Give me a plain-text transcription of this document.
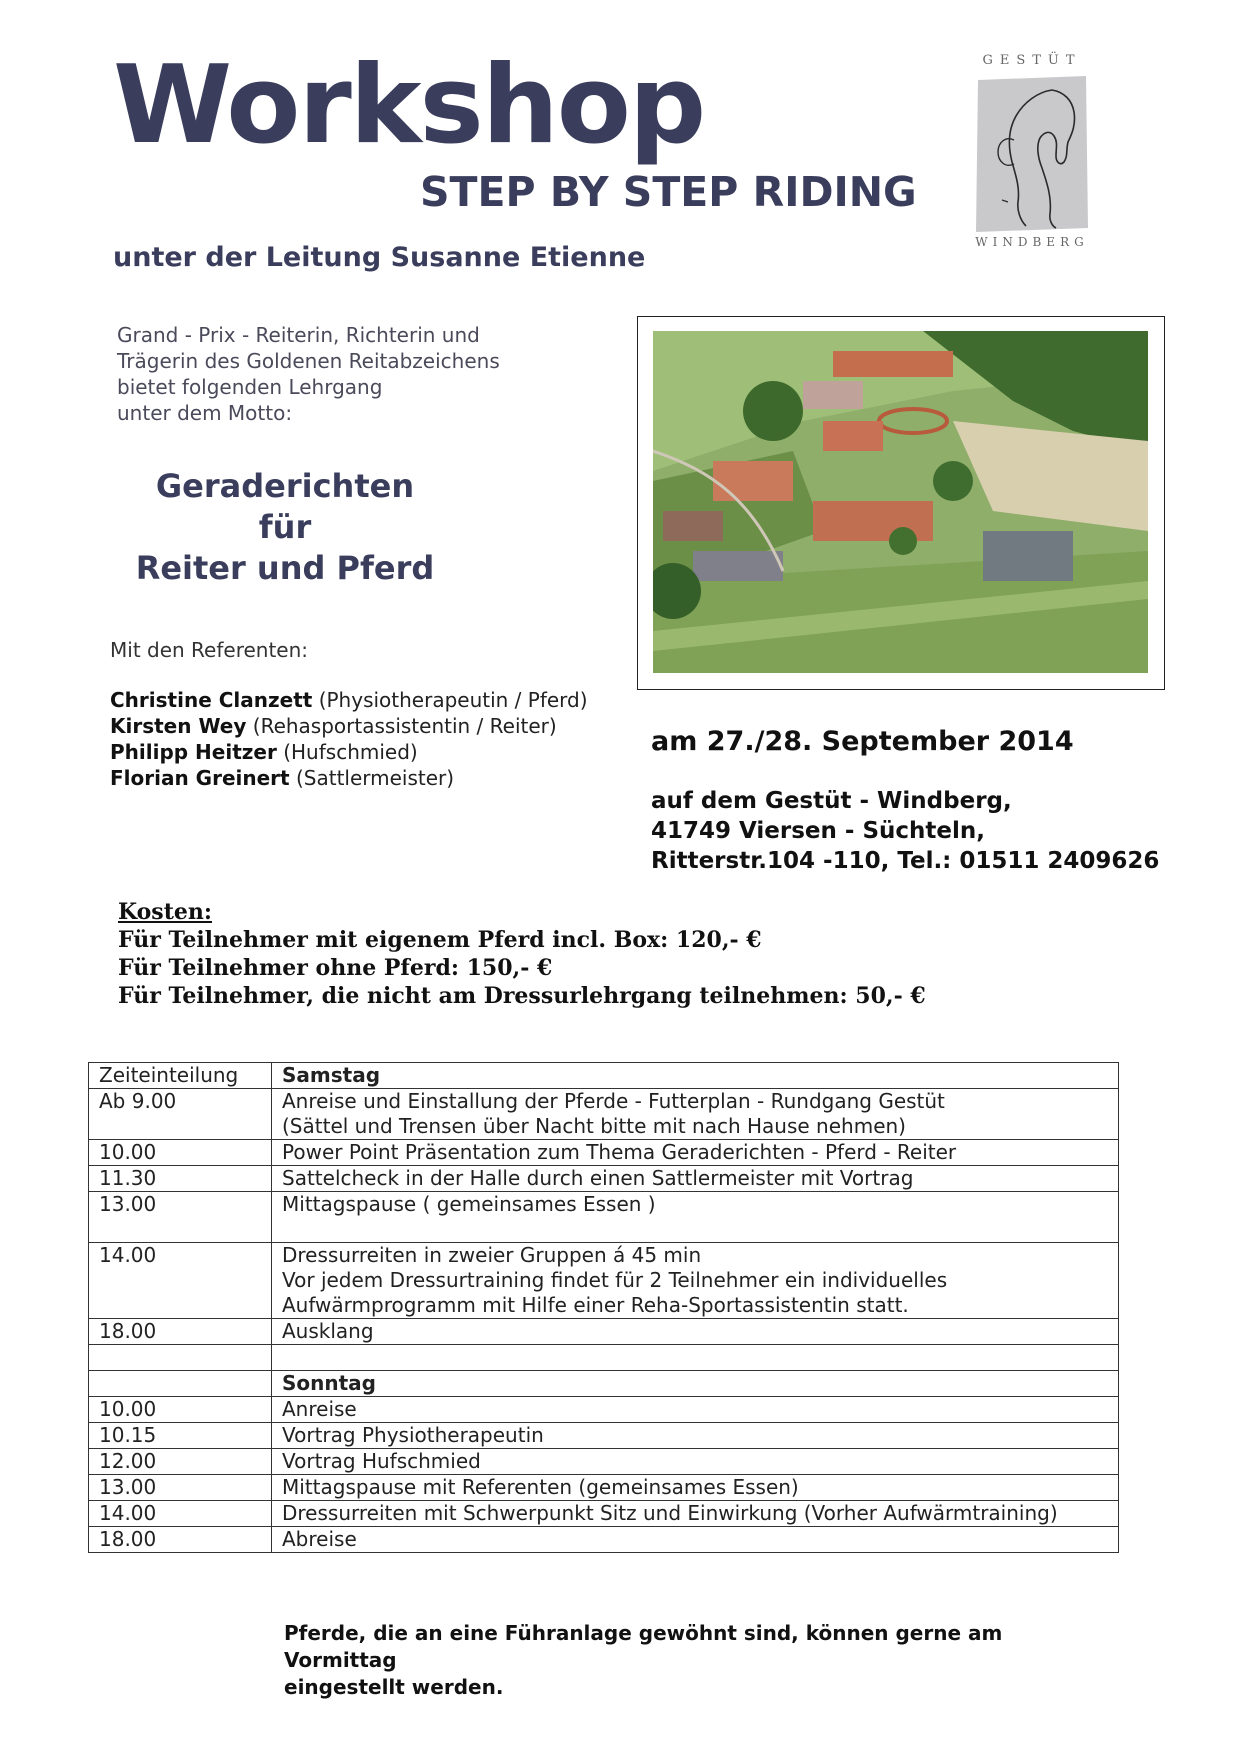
Workshop
STEP BY STEP RIDING
unter der Leitung Susanne Etienne
GESTÜT
WINDBERG
Grand - Prix - Reiterin, Richterin und
Trägerin des Goldenen Reitabzeichens
bietet folgenden Lehrgang
unter dem Motto:
Geraderichten
für
Reiter und Pferd
Mit den Referenten:
Christine Clanzett (Physiotherapeutin / Pferd)
Kirsten Wey (Rehasportassistentin / Reiter)
Philipp Heitzer (Hufschmied)
Florian Greinert (Sattlermeister)
am 27./28. September 2014
auf dem Gestüt - Windberg,
41749 Viersen - Süchteln,
Ritterstr.104 -110, Tel.: 01511 2409626
Kosten:
Für Teilnehmer mit eigenem Pferd incl. Box: 120,- €
Für Teilnehmer ohne Pferd: 150,- €
Für Teilnehmer, die nicht am Dressurlehrgang teilnehmen: 50,- €
Zeiteinteilung	Samstag
Ab 9.00	Anreise und Einstallung der Pferde - Futterplan - Rundgang Gestüt
(Sättel und Trensen über Nacht bitte mit nach Hause nehmen)

10.00	Power Point Präsentation zum Thema Geraderichten - Pferd - Reiter

11.30	Sattelcheck in der Halle durch einen Sattlermeister mit Vortrag

13.00	Mittagspause ( gemeinsames Essen )

14.00	Dressurreiten in zweier Gruppen á 45 min
Vor jedem Dressurtraining findet für 2 Teilnehmer ein individuelles
Aufwärmprogramm mit Hilfe einer Reha-Sportassistentin statt.

18.00	Ausklang

	Sonntag
10.00	Anreise

10.15	Vortrag Physiotherapeutin

12.00	Vortrag Hufschmied

13.00	Mittagspause mit Referenten (gemeinsames Essen)

14.00	Dressurreiten mit Schwerpunkt Sitz und Einwirkung (Vorher Aufwärmtraining)

18.00	Abreise
Pferde, die an eine Führanlage gewöhnt sind, können gerne am Vormittag
eingestellt werden.
